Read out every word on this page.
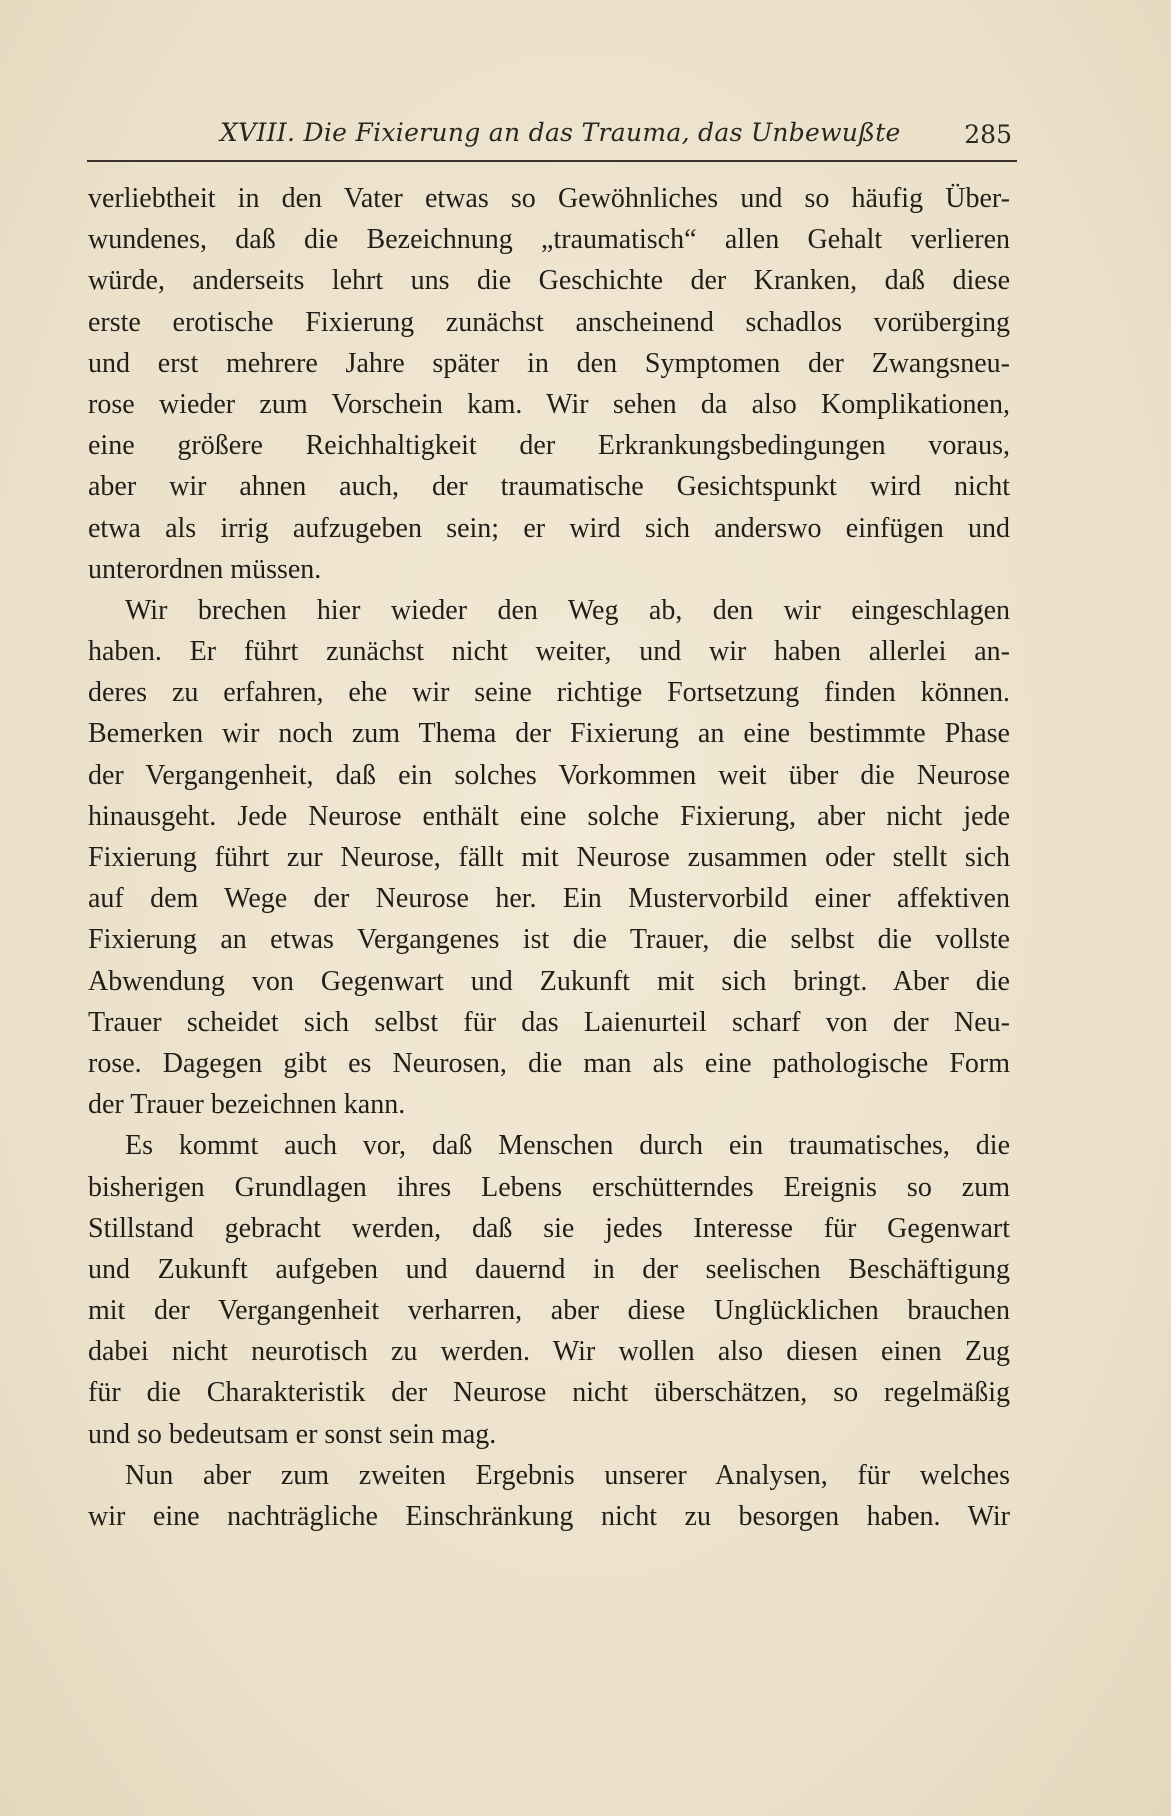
XVIII. Die Fixierung an das Trauma, das Unbewußte	285
verliebtheit in den Vater etwas so Gewöhnliches und so häufig Über-
wundenes, daß die Bezeichnung „traumatisch“ allen Gehalt verlieren
würde, anderseits lehrt uns die Geschichte der Kranken, daß diese
erste erotische Fixierung zunächst anscheinend schadlos vorüberging
und erst mehrere Jahre später in den Symptomen der Zwangsneu-
rose wieder zum Vorschein kam. Wir sehen da also Komplikationen,
eine größere Reichhaltigkeit der Erkrankungsbedingungen voraus,
aber wir ahnen auch, der traumatische Gesichtspunkt wird nicht
etwa als irrig aufzugeben sein; er wird sich anderswo einfügen und
unterordnen müssen.
Wir brechen hier wieder den Weg ab, den wir eingeschlagen
haben. Er führt zunächst nicht weiter, und wir haben allerlei an-
deres zu erfahren, ehe wir seine richtige Fortsetzung finden können.
Bemerken wir noch zum Thema der Fixierung an eine bestimmte Phase
der Vergangenheit, daß ein solches Vorkommen weit über die Neurose
hinausgeht. Jede Neurose enthält eine solche Fixierung, aber nicht jede
Fixierung führt zur Neurose, fällt mit Neurose zusammen oder stellt sich
auf dem Wege der Neurose her. Ein Mustervorbild einer affektiven
Fixierung an etwas Vergangenes ist die Trauer, die selbst die vollste
Abwendung von Gegenwart und Zukunft mit sich bringt. Aber die
Trauer scheidet sich selbst für das Laienurteil scharf von der Neu-
rose. Dagegen gibt es Neurosen, die man als eine pathologische Form
der Trauer bezeichnen kann.
Es kommt auch vor, daß Menschen durch ein traumatisches, die
bisherigen Grundlagen ihres Lebens erschütterndes Ereignis so zum
Stillstand gebracht werden, daß sie jedes Interesse für Gegenwart
und Zukunft aufgeben und dauernd in der seelischen Beschäftigung
mit der Vergangenheit verharren, aber diese Unglücklichen brauchen
dabei nicht neurotisch zu werden. Wir wollen also diesen einen Zug
für die Charakteristik der Neurose nicht überschätzen, so regelmäßig
und so bedeutsam er sonst sein mag.
Nun aber zum zweiten Ergebnis unserer Analysen, für welches
wir eine nachträgliche Einschränkung nicht zu besorgen haben. Wir
